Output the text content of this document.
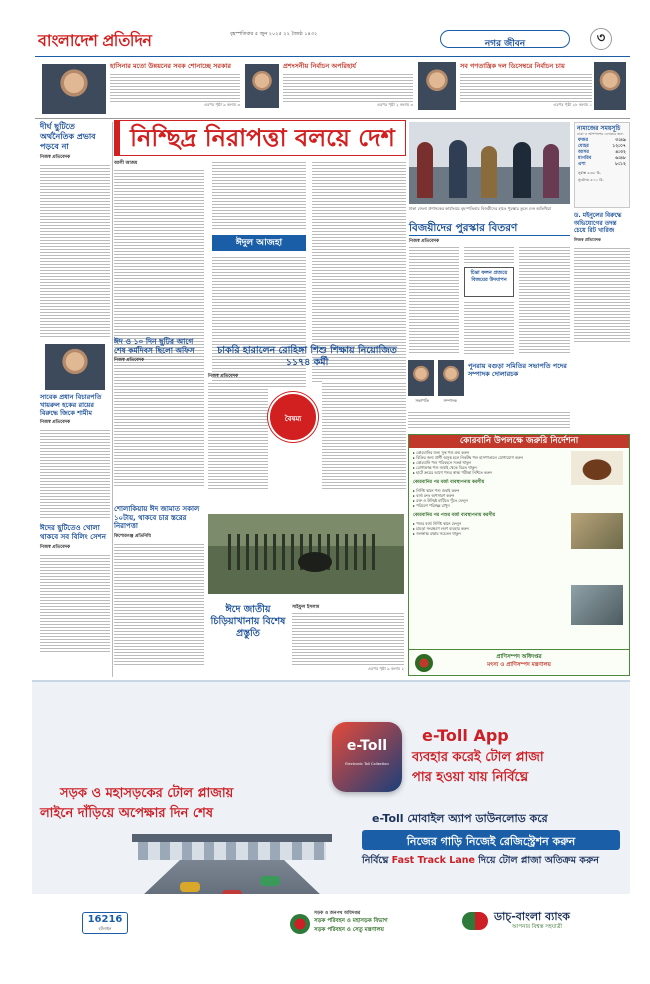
বাংলাদেশ প্রতিদিন	বৃহস্পতিবার ৫ জুন ২০২৫ ২২ জ্যৈষ্ঠ ১৪৩২
নগর জীবন	৩
হাসিনার মতো উন্নয়নের সবক শোনাচ্ছে সরকার
এরপর পৃষ্ঠা ৯ কলাম ৩
প্রশংসনীয় নির্বাচন অপরিহার্য
এরপর পৃষ্ঠা ২ কলাম ৩
সব গণতান্ত্রিক দল ডিসেম্বরে নির্বাচন চায়
এরপর পৃষ্ঠা ২৮ কলাম ১
দীর্ঘ ছুটিতে অর্থনৈতিক প্রভাব পড়বে না
নিজস্ব প্রতিবেদক
সাবেক প্রধান বিচারপতি খায়রুল হকের রায়ের বিরুদ্ধে জিকে শামীম
নিজস্ব প্রতিবেদক
ঈদের ছুটিতেও খোলা থাকবে সব বিলিং সেশন
নিজস্ব প্রতিবেদক
নিশ্ছিদ্র নিরাপত্তা বলয়ে দেশ
আলী আজম
ঈদুল আজহা
ঢাকা জেলা প্রশাসকের কার্যালয়ে বৃহস্পতিবার বিজয়ীদের হাতে পুরস্কার তুলে দেন অতিথিরা
নামাজের সময়সূচি
ঢাকা ও আশপাশের এলাকার জন্য
ফজর	৩:৪৯
যোহর	১২:০৭
আসর	৪:৩২
মাগরিব	৬:৪৮
এশা	৮:১২
সূর্যাস্ত ৬:৪৮ মি.
সূর্যোদয় ৫:১১ মি.
বিজয়ীদের পুরস্কার বিতরণ
নিজস্ব প্রতিবেদক
চিন্তা ফলন প্রত্যয়ে বিজয়ের উদযাপন
ড. মইনুলের বিরুদ্ধে অভিযোগের তদন্ত চেয়ে রিট খারিজ
নিজস্ব প্রতিবেদক
ঈদ ও ১০ দিন ছুটির আগে শেষ কর্মদিবস ছিলো অফিস
নিজস্ব প্রতিবেদক
চাকরি হারালেন রোহিঙ্গা শিশু শিক্ষায় নিয়োজিত ১১৭৪ কর্মী
নিজস্ব প্রতিবেদক
বৈষম্য
সভাপতি	সম্পাদক
পুনরায় বগুড়া সমিতির সভাপতি পদের সম্পাদক দোলারচক
কোরবানি উপলক্ষে জরুরি নির্দেশনা
▸ কোরবানির জন্য সুস্থ পশু ক্রয় করুন
▸ বিক্রির জন্য প্রাণী অসুস্থ হলে নিকটস্থ পশু হাসপাতালে যোগাযোগ করুন
▸ কোরবানি পশু পরিবহনে সতর্ক থাকুন
▸ রোগাক্রান্ত পশু জবাই থেকে বিরত থাকুন
▸ হাটে ক্রয়ের আগে পশুর স্বাস্থ্য পরীক্ষা নিশ্চিত করুন
কোরবানির পর বর্জ্য ব্যবস্থাপনায় করণীয়
▸ নির্দিষ্ট স্থানে পশু জবাই করুন
▸ বর্জ্য দ্রুত অপসারণ করুন
▸ রক্ত ও উচ্ছিষ্ট মাটিতে পুঁতে ফেলুন
▸ পরিবেশ পরিচ্ছন্ন রাখুন
কোরবানির পর পশুর বর্জ্য ব্যবস্থাপনায় করণীয়
▸ পশুর বর্জ্য নির্দিষ্ট স্থানে ফেলুন
▸ চামড়া সংরক্ষণে লবণ ব্যবহার করুন
▸ জনস্বাস্থ্য রক্ষায় সচেতন থাকুন
প্রাণিসম্পদ অধিদপ্তর
মৎস্য ও প্রাণিসম্পদ মন্ত্রণালয়
শোলাকিয়ায় ঈদ জামাত সকাল ১০টায়, থাকবে চার স্তরের নিরাপত্তা
কিশোরগঞ্জ প্রতিনিধি
ঈদে জাতীয় চিড়িয়াখানায় বিশেষ প্রস্তুতি
সাইফুল ইসলাম
এরপর পৃষ্ঠা ৯ কলাম ২
সড়ক ও মহাসড়কের টোল প্লাজায়
লাইনে দাঁড়িয়ে অপেক্ষার দিন শেষ
e-Toll
Electronic Toll Collection
e-Toll App
ব্যবহার করেই টোল প্লাজা
পার হওয়া যায় নির্বিঘ্নে
e-Toll মোবাইল অ্যাপ ডাউনলোড করে
নিজের গাড়ি নিজেই রেজিস্ট্রেশন করুন
নির্বিঘ্নে Fast Track Lane দিয়ে টোল প্লাজা অতিক্রম করুন
16216
হটলাইন
সড়ক ও জনপথ অধিদপ্তর
সড়ক পরিবহন ও মহাসড়ক বিভাগ
সড়ক পরিবহন ও সেতু মন্ত্রণালয়
ডাচ্-বাংলা ব্যাংক
আপনার বিশ্বস্ত সহযাত্রী
